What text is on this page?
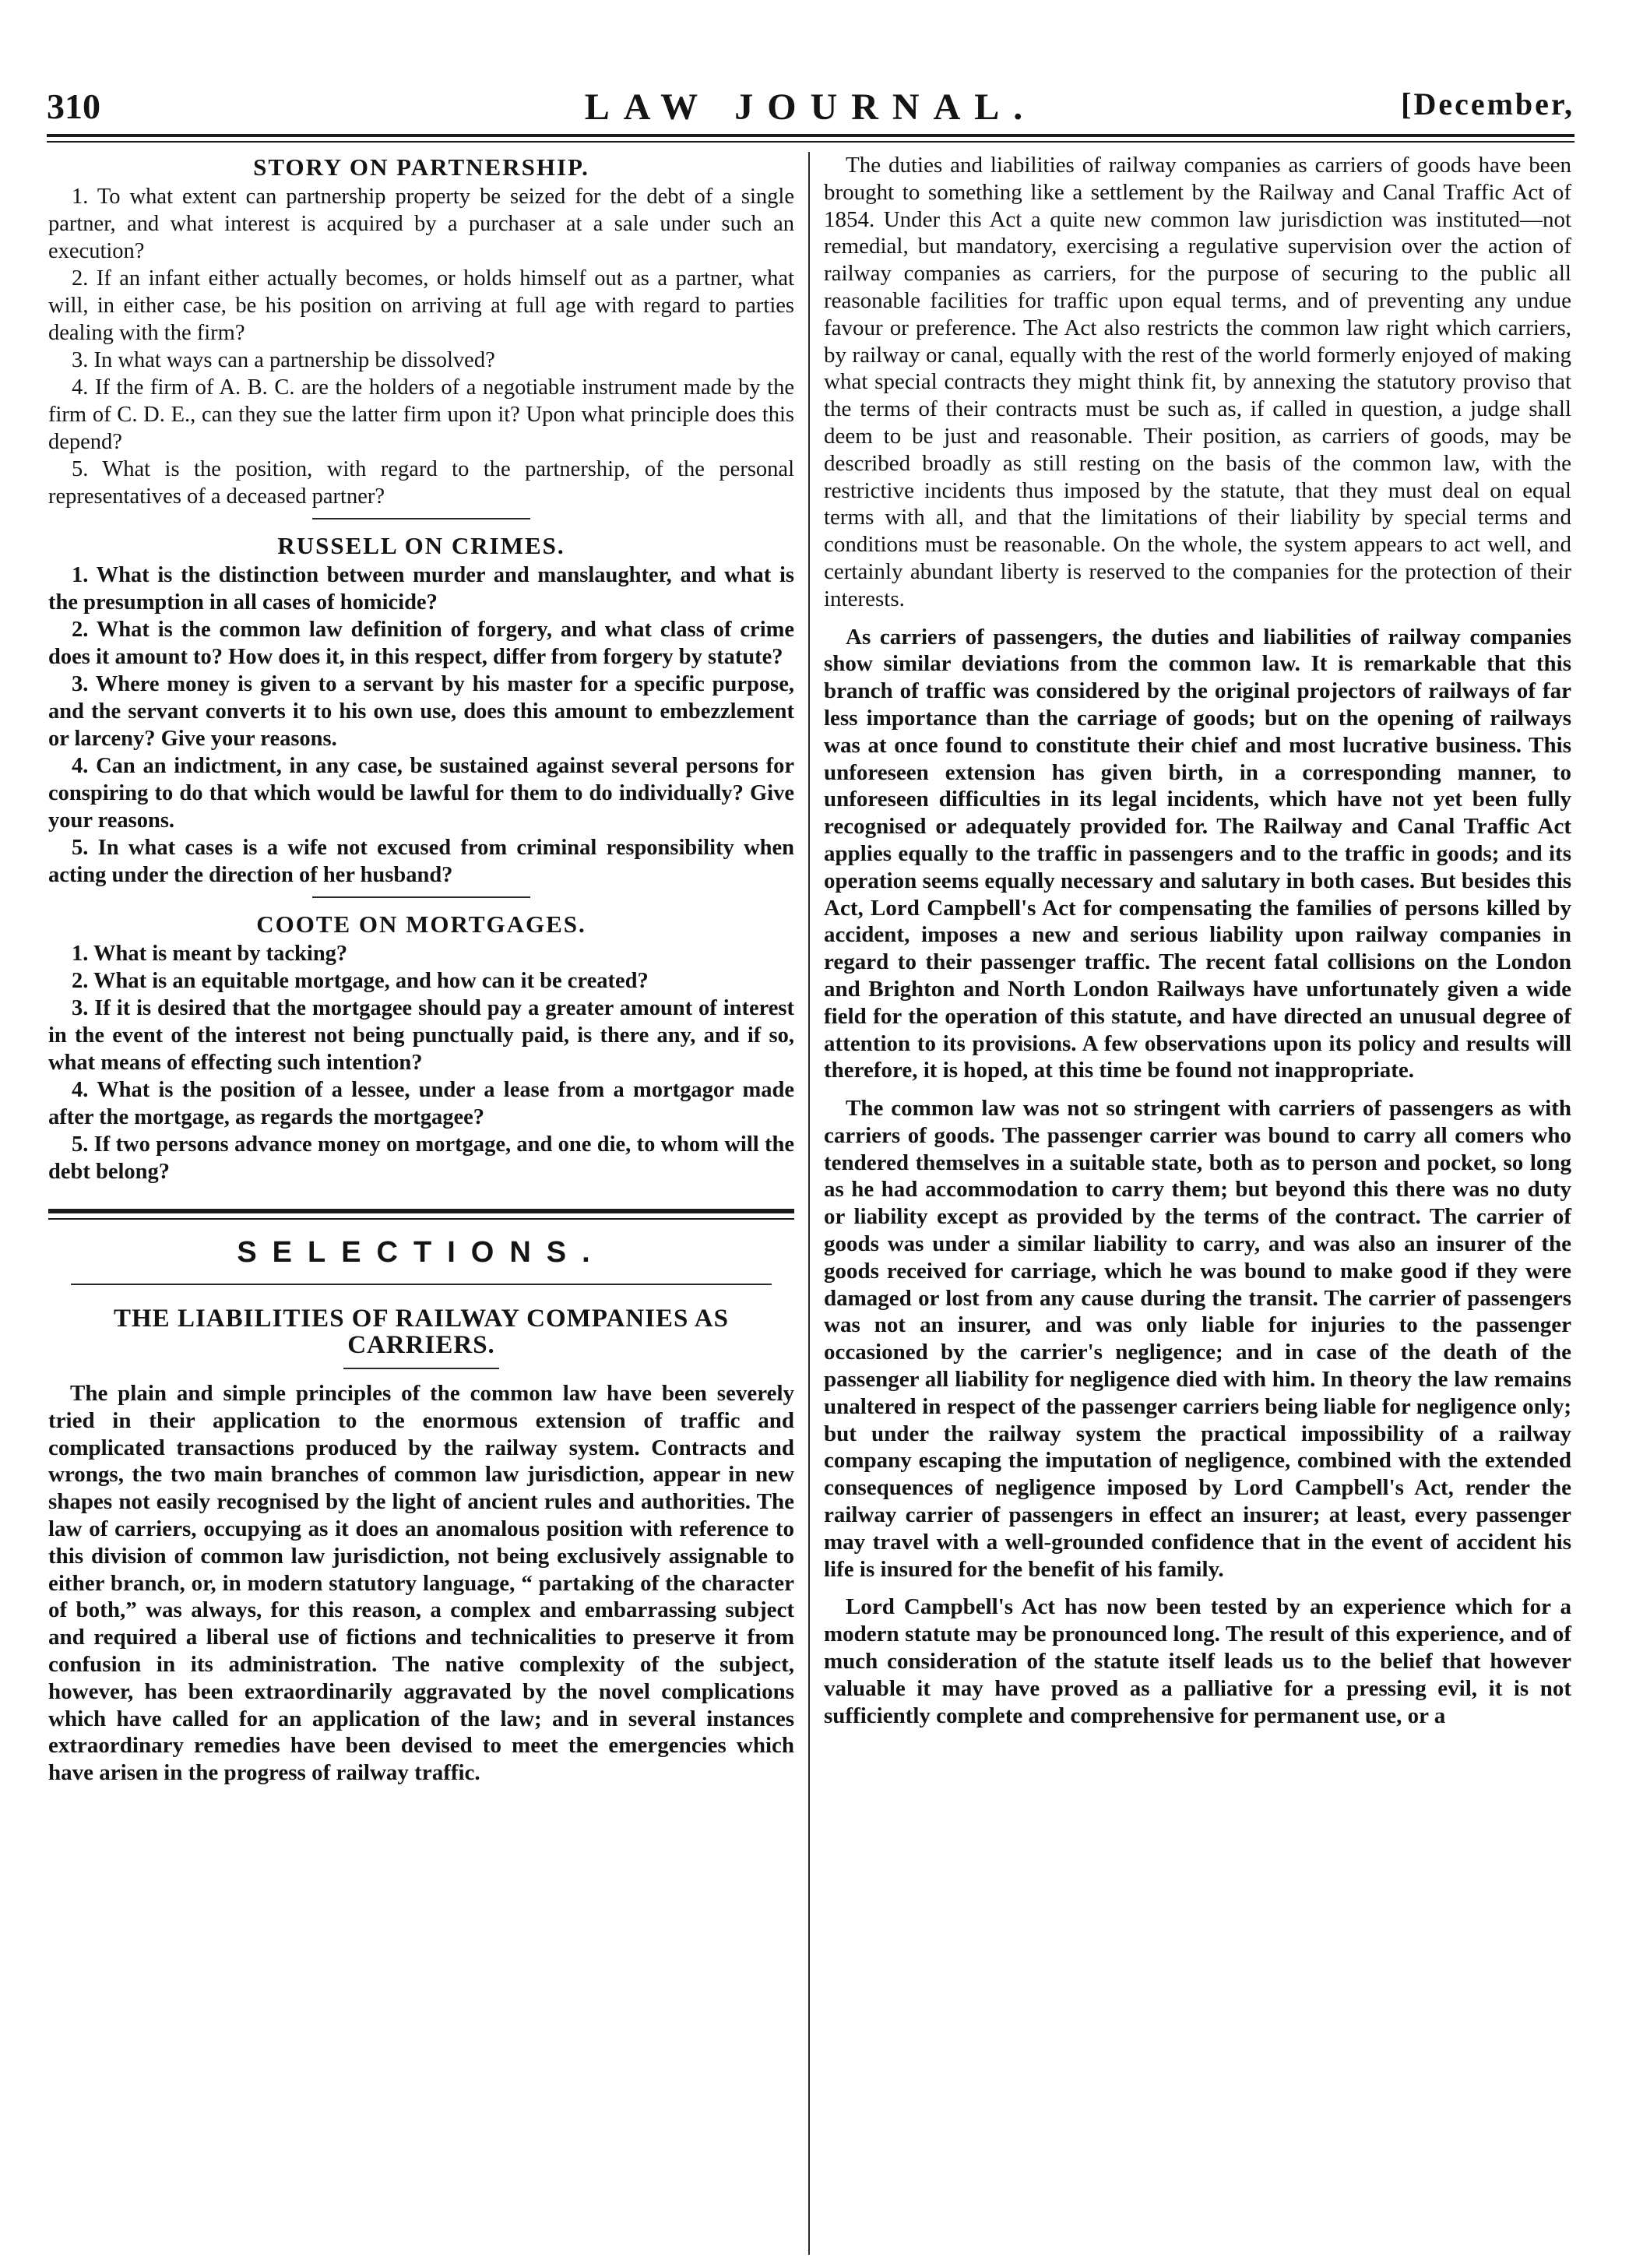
310	LAW JOURNAL.	[December,
STORY ON PARTNERSHIP.

1. To what extent can partnership property be seized for the debt of a single partner, and what interest is acquired by a purchaser at a sale under such an execution?

2. If an infant either actually becomes, or holds himself out as a partner, what will, in either case, be his position on arriving at full age with regard to parties dealing with the firm?

3. In what ways can a partnership be dissolved?

4. If the firm of A. B. C. are the holders of a negotiable instrument made by the firm of C. D. E., can they sue the latter firm upon it? Upon what principle does this depend?

5. What is the position, with regard to the partnership, of the personal representatives of a deceased partner?

RUSSELL ON CRIMES.

1. What is the distinction between murder and manslaughter, and what is the presumption in all cases of homicide?

2. What is the common law definition of forgery, and what class of crime does it amount to? How does it, in this respect, differ from forgery by statute?

3. Where money is given to a servant by his master for a specific purpose, and the servant converts it to his own use, does this amount to embezzlement or larceny? Give your reasons.

4. Can an indictment, in any case, be sustained against several persons for conspiring to do that which would be lawful for them to do individually? Give your reasons.

5. In what cases is a wife not excused from criminal responsibility when acting under the direction of her husband?

COOTE ON MORTGAGES.

1. What is meant by tacking?

2. What is an equitable mortgage, and how can it be created?

3. If it is desired that the mortgagee should pay a greater amount of interest in the event of the interest not being punctually paid, is there any, and if so, what means of effecting such intention?

4. What is the position of a lessee, under a lease from a mortgagor made after the mortgage, as regards the mortgagee?

5. If two persons advance money on mortgage, and one die, to whom will the debt belong?

SELECTIONS.
THE LIABILITIES OF RAILWAY COMPANIES AS CARRIERS.

The plain and simple principles of the common law have been severely tried in their application to the enormous extension of traffic and complicated transactions produced by the railway system. Contracts and wrongs, the two main branches of common law jurisdiction, appear in new shapes not easily recognised by the light of ancient rules and authorities. The law of carriers, occupying as it does an anomalous position with reference to this division of common law jurisdiction, not being exclusively assignable to either branch, or, in modern statutory language, “ partaking of the character of both,” was always, for this reason, a complex and embarrassing subject and required a liberal use of fictions and technicalities to preserve it from confusion in its administration. The native complexity of the subject, however, has been extraordinarily aggravated by the novel complications which have called for an application of the law; and in several instances extraordinary remedies have been devised to meet the emergencies which have arisen in the progress of railway traffic.

The duties and liabilities of railway companies as carriers of goods have been brought to something like a settlement by the Railway and Canal Traffic Act of 1854. Under this Act a quite new common law jurisdiction was instituted—not remedial, but mandatory, exercising a regulative supervision over the action of railway companies as carriers, for the purpose of securing to the public all reasonable facilities for traffic upon equal terms, and of preventing any undue favour or preference. The Act also restricts the common law right which carriers, by railway or canal, equally with the rest of the world formerly enjoyed of making what special contracts they might think fit, by annexing the statutory proviso that the terms of their contracts must be such as, if called in question, a judge shall deem to be just and reasonable. Their position, as carriers of goods, may be described broadly as still resting on the basis of the common law, with the restrictive incidents thus imposed by the statute, that they must deal on equal terms with all, and that the limitations of their liability by special terms and conditions must be reasonable. On the whole, the system appears to act well, and certainly abundant liberty is reserved to the companies for the protection of their interests.

As carriers of passengers, the duties and liabilities of railway companies show similar deviations from the common law. It is remarkable that this branch of traffic was considered by the original projectors of railways of far less importance than the carriage of goods; but on the opening of railways was at once found to constitute their chief and most lucrative business. This unforeseen extension has given birth, in a corresponding manner, to unforeseen difficulties in its legal incidents, which have not yet been fully recognised or adequately provided for. The Railway and Canal Traffic Act applies equally to the traffic in passengers and to the traffic in goods; and its operation seems equally necessary and salutary in both cases. But besides this Act, Lord Campbell's Act for compensating the families of persons killed by accident, imposes a new and serious liability upon railway companies in regard to their passenger traffic. The recent fatal collisions on the London and Brighton and North London Railways have unfortunately given a wide field for the operation of this statute, and have directed an unusual degree of attention to its provisions. A few observations upon its policy and results will therefore, it is hoped, at this time be found not inappropriate.

The common law was not so stringent with carriers of passengers as with carriers of goods. The passenger carrier was bound to carry all comers who tendered themselves in a suitable state, both as to person and pocket, so long as he had accommodation to carry them; but beyond this there was no duty or liability except as provided by the terms of the contract. The carrier of goods was under a similar liability to carry, and was also an insurer of the goods received for carriage, which he was bound to make good if they were damaged or lost from any cause during the transit. The carrier of passengers was not an insurer, and was only liable for injuries to the passenger occasioned by the carrier's negligence; and in case of the death of the passenger all liability for negligence died with him. In theory the law remains unaltered in respect of the passenger carriers being liable for negligence only; but under the railway system the practical impossibility of a railway company escaping the imputation of negligence, combined with the extended consequences of negligence imposed by Lord Campbell's Act, render the railway carrier of passengers in effect an insurer; at least, every passenger may travel with a well-grounded confidence that in the event of accident his life is insured for the benefit of his family.

Lord Campbell's Act has now been tested by an experience which for a modern statute may be pronounced long. The result of this experience, and of much consideration of the statute itself leads us to the belief that however valuable it may have proved as a palliative for a pressing evil, it is not sufficiently complete and comprehensive for permanent use, or a
